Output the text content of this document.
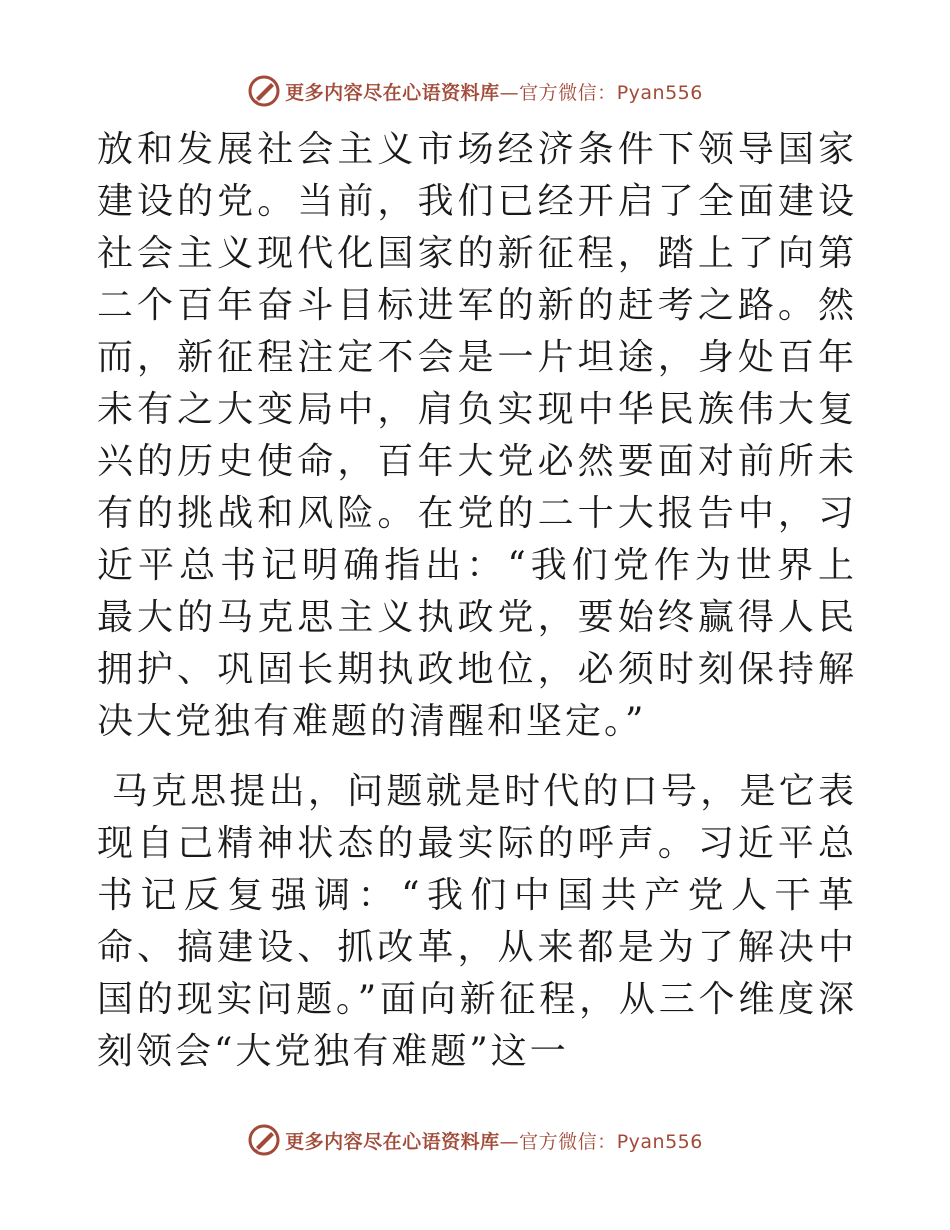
更多内容尽在心语资料库—官方微信：Pyan556

放和发展社会主义市场经济条件下领导国家建设的党。当前，我们已经开启了全面建设社会主义现代化国家的新征程，踏上了向第二个百年奋斗目标进军的新的赶考之路。然而，新征程注定不会是一片坦途，身处百年未有之大变局中，肩负实现中华民族伟大复兴的历史使命，百年大党必然要面对前所未有的挑战和风险。在党的二十大报告中，习近平总书记明确指出：“我们党作为世界上最大的马克思主义执政党，要始终赢得人民拥护、巩固长期执政地位，必须时刻保持解决大党独有难题的清醒和坚定。”

马克思提出，问题就是时代的口号，是它表现自己精神状态的最实际的呼声。习近平总书记反复强调：“我们中国共产党人干革命、搞建设、抓改革，从来都是为了解决中国的现实问题。”面向新征程，从三个维度深刻领会“大党独有难题”这一

更多内容尽在心语资料库—官方微信：Pyan556
